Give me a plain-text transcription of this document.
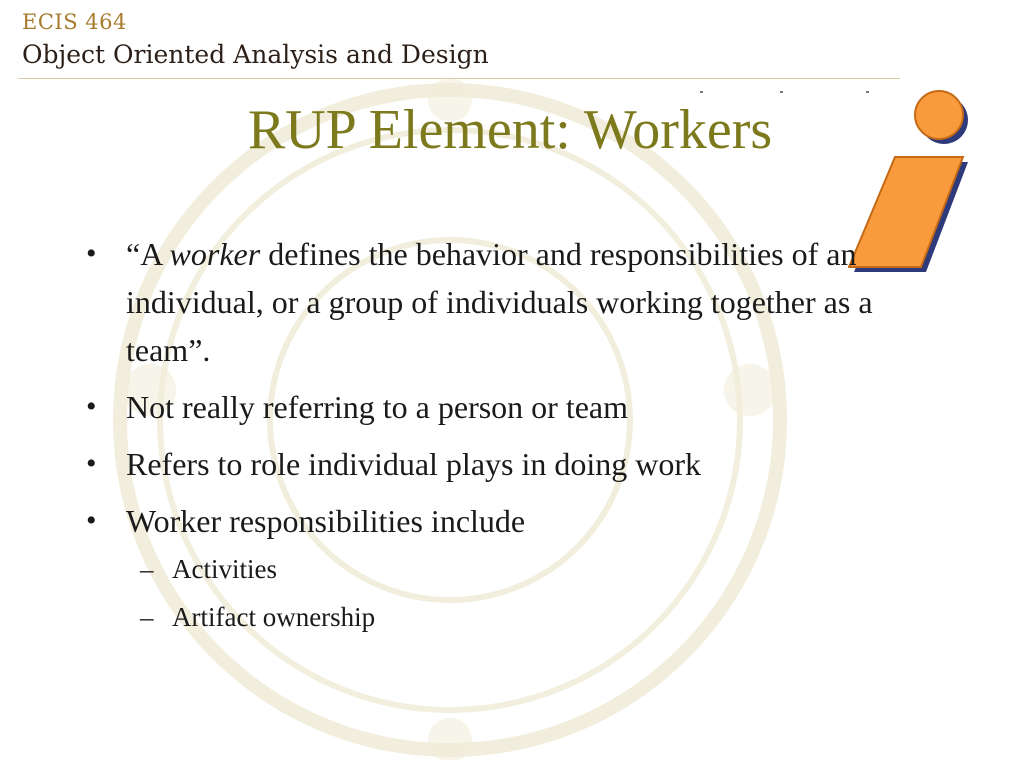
ECIS 464

Object Oriented Analysis and Design

RUP Element: Workers
• “A worker defines the behavior and responsibilities of an individual, or a group of individuals working together as a team”.
• Not really referring to a person or team
• Refers to role individual plays in doing work
• Worker responsibilities include
– Activities
– Artifact ownership
